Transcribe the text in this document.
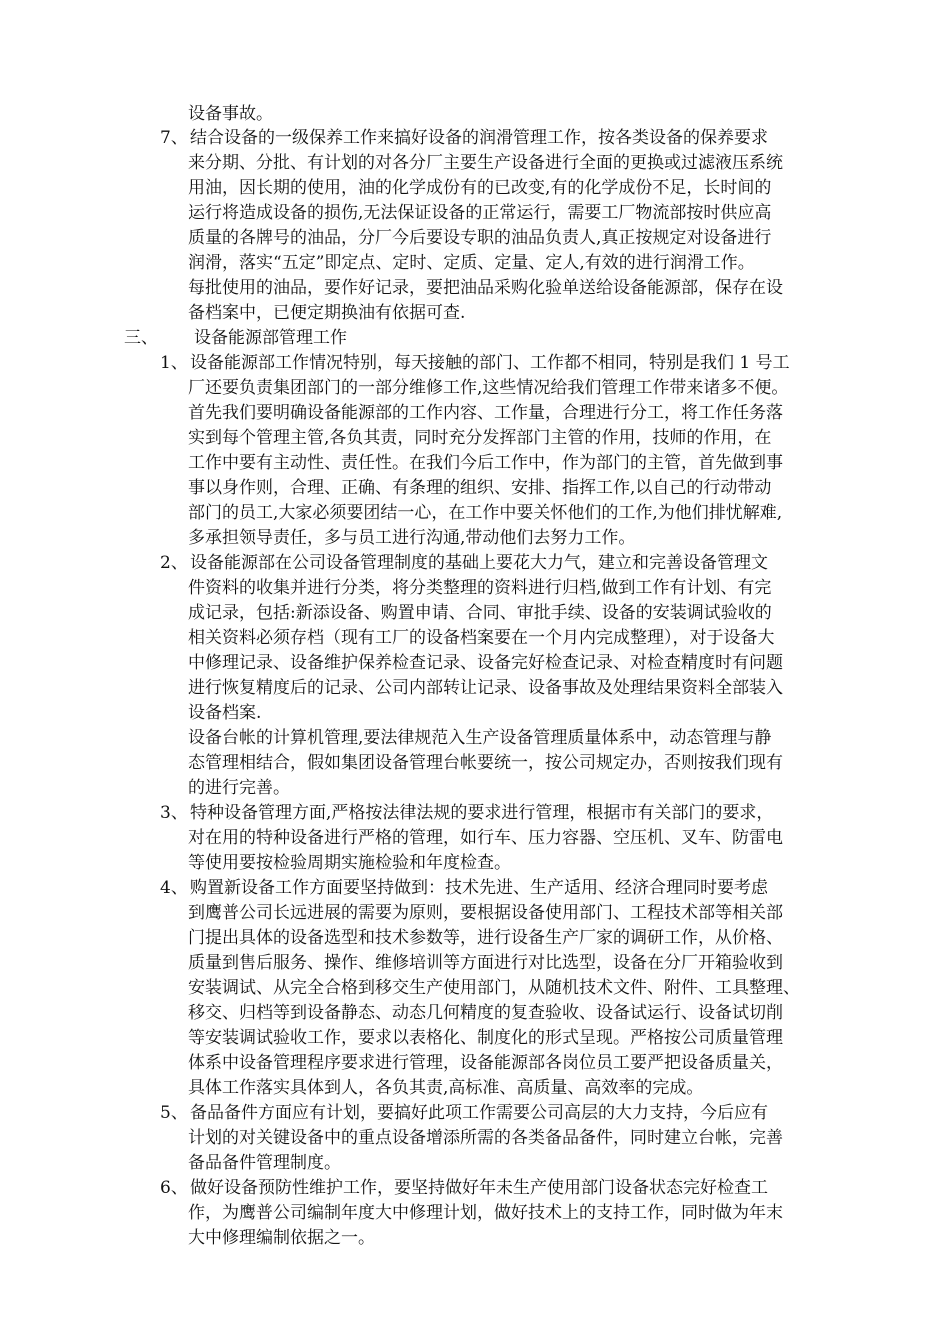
设备事故。
7、 结合设备的一级保养工作来搞好设备的润滑管理工作，按各类设备的保养要求
来分期、分批、有计划的对各分厂主要生产设备进行全面的更换或过滤液压系统
用油，因长期的使用，油的化学成份有的已改变,有的化学成份不足，长时间的
运行将造成设备的损伤,无法保证设备的正常运行，需要工厂物流部按时供应高
质量的各牌号的油品，分厂今后要设专职的油品负责人,真正按规定对设备进行
润滑，落实“五定”即定点、定时、定质、定量、定人,有效的进行润滑工作。
每批使用的油品，要作好记录，要把油品采购化验单送给设备能源部，保存在设
备档案中，已便定期换油有依据可查.
三、 设备能源部管理工作
1、 设备能源部工作情况特别，每天接触的部门、工作都不相同，特别是我们 1 号工
厂还要负责集团部门的一部分维修工作,这些情况给我们管理工作带来诸多不便。
首先我们要明确设备能源部的工作内容、工作量，合理进行分工，将工作任务落
实到每个管理主管,各负其责，同时充分发挥部门主管的作用，技师的作用，在
工作中要有主动性、责任性。在我们今后工作中，作为部门的主管，首先做到事
事以身作则，合理、正确、有条理的组织、安排、指挥工作,以自己的行动带动
部门的员工,大家必须要团结一心，在工作中要关怀他们的工作,为他们排忧解难,
多承担领导责任，多与员工进行沟通,带动他们去努力工作。
2、 设备能源部在公司设备管理制度的基础上要花大力气，建立和完善设备管理文
件资料的收集并进行分类，将分类整理的资料进行归档,做到工作有计划、有完
成记录，包括:新添设备、购置申请、合同、审批手续、设备的安装调试验收的
相关资料必须存档（现有工厂的设备档案要在一个月内完成整理），对于设备大
中修理记录、设备维护保养检查记录、设备完好检查记录、对检查精度时有问题
进行恢复精度后的记录、公司内部转让记录、设备事故及处理结果资料全部装入
设备档案.
设备台帐的计算机管理,要法律规范入生产设备管理质量体系中，动态管理与静
态管理相结合，假如集团设备管理台帐要统一，按公司规定办，否则按我们现有
的进行完善。
3、 特种设备管理方面,严格按法律法规的要求进行管理，根据市有关部门的要求，
对在用的特种设备进行严格的管理，如行车、压力容器、空压机、叉车、防雷电
等使用要按检验周期实施检验和年度检查。
4、 购置新设备工作方面要坚持做到：技术先进、生产适用、经济合理同时要考虑
到鹰普公司长远进展的需要为原则，要根据设备使用部门、工程技术部等相关部
门提出具体的设备选型和技术参数等，进行设备生产厂家的调研工作，从价格、
质量到售后服务、操作、维修培训等方面进行对比选型，设备在分厂开箱验收到
安装调试、从完全合格到移交生产使用部门，从随机技术文件、附件、工具整理、
移交、归档等到设备静态、动态几何精度的复查验收、设备试运行、设备试切削
等安装调试验收工作，要求以表格化、制度化的形式呈现。严格按公司质量管理
体系中设备管理程序要求进行管理，设备能源部各岗位员工要严把设备质量关，
具体工作落实具体到人，各负其责,高标准、高质量、高效率的完成。
5、 备品备件方面应有计划，要搞好此项工作需要公司高层的大力支持，今后应有
计划的对关键设备中的重点设备增添所需的各类备品备件，同时建立台帐，完善
备品备件管理制度。
6、 做好设备预防性维护工作，要坚持做好年未生产使用部门设备状态完好检查工
作，为鹰普公司编制年度大中修理计划，做好技术上的支持工作，同时做为年末
大中修理编制依据之一。
